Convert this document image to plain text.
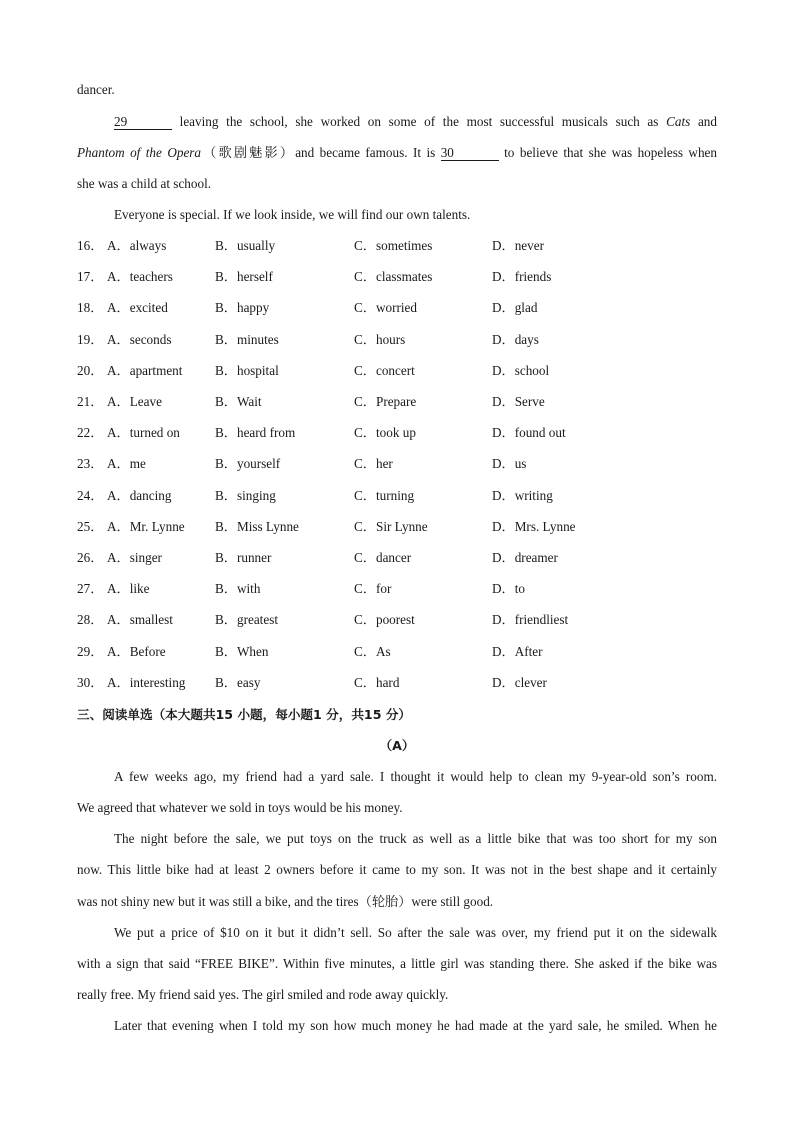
dancer.
29	leaving the school, she worked on some of the most successful musicals such as Cats and
Phantom of the Opera（歌剧魅影）and became famous. It is 30	to believe that she was hopeless when
she was a child at school.
Everyone is special. If we look inside, we will find our own talents.
16． A．always	B．usually	C．sometimes	D．never
17． A．teachers	B．herself	C．classmates	D．friends
18． A．excited	B．happy	C．worried	D．glad
19． A．seconds	B．minutes	C．hours	D．days
20． A．apartment B．hospital	C．concert	D．school
21． A．Leave	B．Wait	C．Prepare	D．Serve
22． A．turned on	B．heard from	C．took up	D．found out
23． A．me	B．yourself	C．her	D．us
24． A．dancing	B．singing	C．turning	D．writing
25． A．Mr. Lynne B．Miss Lynne	C．Sir Lynne	D．Mrs. Lynne
26． A．singer	B．runner	C．dancer	D．dreamer
27． A．like	B．with	C．for	D．to
28． A．smallest	B．greatest	C．poorest	D．friendliest
29． A．Before	B．When	C．As	D．After
30． A．interesting B．easy	C．hard	D．clever
三、阅读单选（本大题共15 小题，每小题1 分，共15 分）
（A）
A few weeks ago, my friend had a yard sale. I thought it would help to clean my 9-year-old son’s room.
We agreed that whatever we sold in toys would be his money.
The night before the sale, we put toys on the truck as well as a little bike that was too short for my son
now. This little bike had at least 2 owners before it came to my son. It was not in the best shape and it certainly
was not shiny new but it was still a bike, and the tires（轮胎）were still good.
We put a price of $10 on it but it didn’t sell. So after the sale was over, my friend put it on the sidewalk
with a sign that said “FREE BIKE”. Within five minutes, a little girl was standing there. She asked if the bike was
really free. My friend said yes. The girl smiled and rode away quickly.
Later that evening when I told my son how much money he had made at the yard sale, he smiled. When he
